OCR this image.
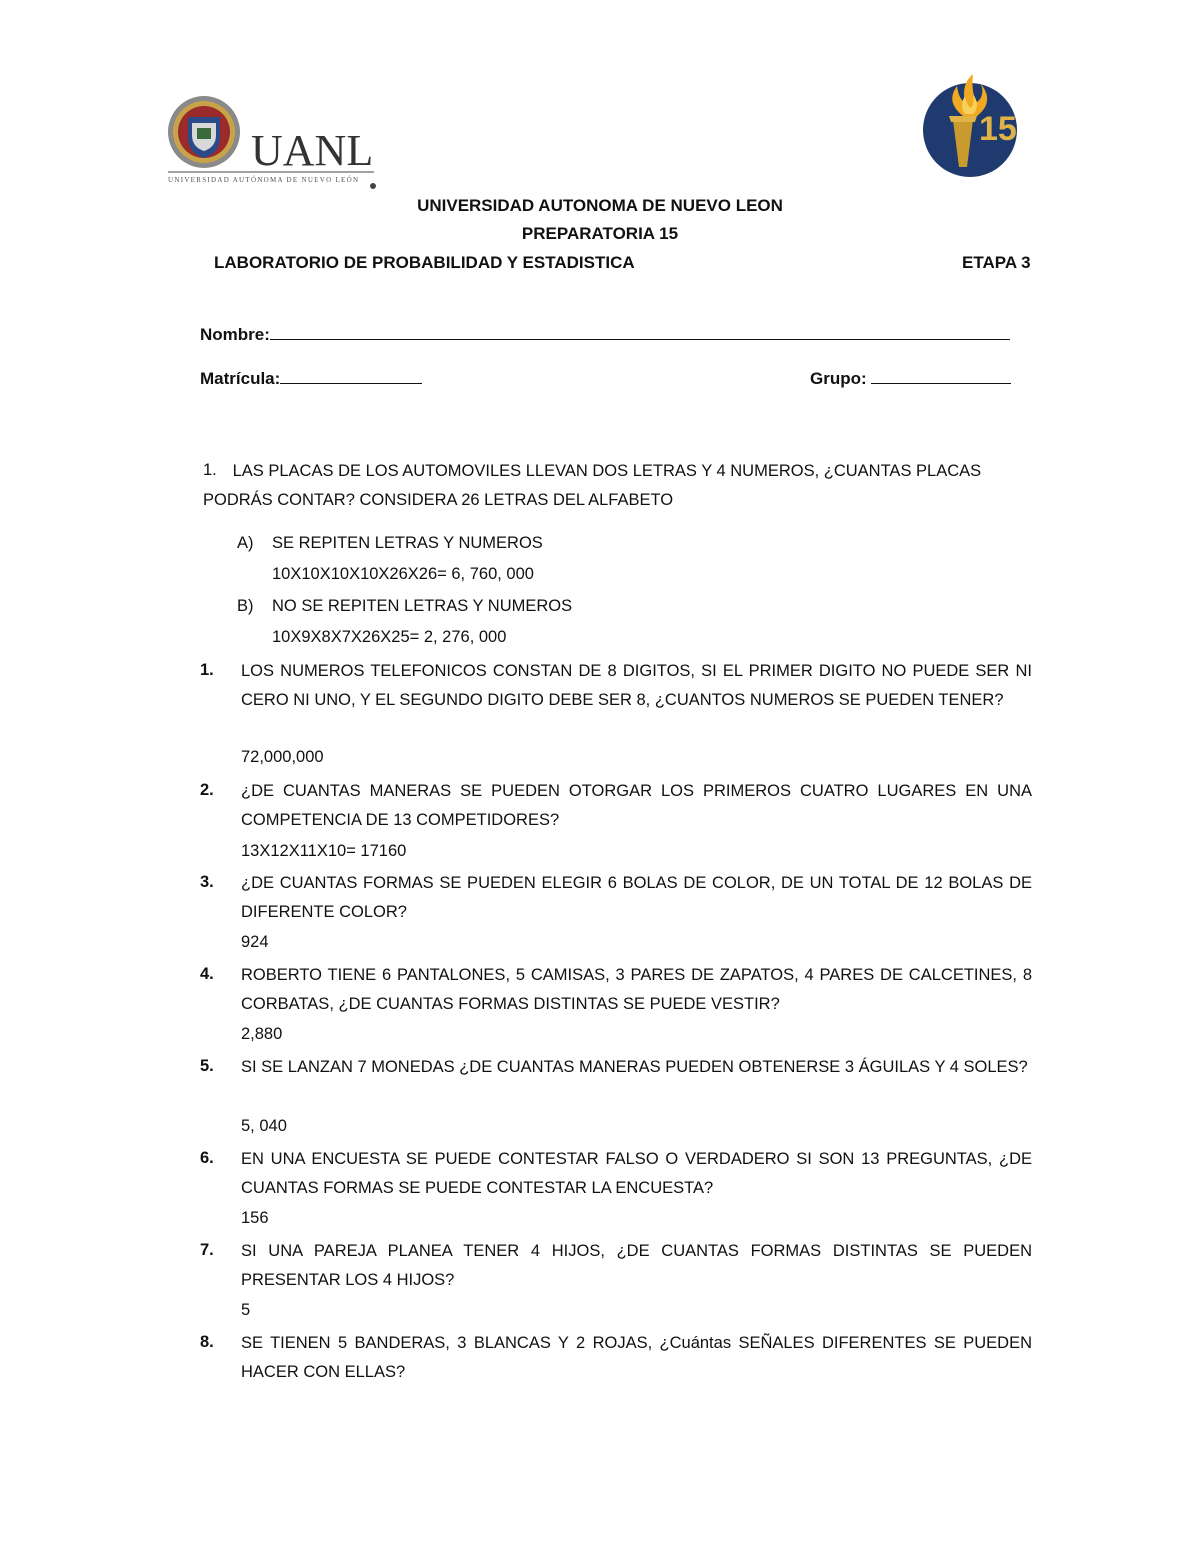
UANL
UNIVERSIDAD AUTÓNOMA DE NUEVO LEÓN
15
UNIVERSIDAD AUTONOMA DE NUEVO LEON
PREPARATORIA 15
LABORATORIO DE PROBABILIDAD Y ESTADISTICA	ETAPA 3
Nombre:
Matrícula:	Grupo:
1. LAS PLACAS DE LOS AUTOMOVILES LLEVAN DOS LETRAS Y 4 NUMEROS, ¿CUANTAS PLACAS PODRÁS CONTAR? CONSIDERA 26 LETRAS DEL ALFABETO
A) SE REPITEN LETRAS Y NUMEROS
10X10X10X10X26X26= 6, 760, 000
B) NO SE REPITEN LETRAS Y NUMEROS
10X9X8X7X26X25= 2, 276, 000
1. LOS NUMEROS TELEFONICOS CONSTAN DE 8 DIGITOS, SI EL PRIMER DIGITO NO PUEDE SER NI CERO NI UNO, Y EL SEGUNDO DIGITO DEBE SER 8, ¿CUANTOS NUMEROS SE PUEDEN TENER?
72,000,000
2. ¿DE CUANTAS MANERAS SE PUEDEN OTORGAR LOS PRIMEROS CUATRO LUGARES EN UNA COMPETENCIA DE 13 COMPETIDORES?
13X12X11X10= 17160
3. ¿DE CUANTAS FORMAS SE PUEDEN ELEGIR 6 BOLAS DE COLOR, DE UN TOTAL DE 12 BOLAS DE DIFERENTE COLOR?
924
4. ROBERTO TIENE 6 PANTALONES, 5 CAMISAS, 3 PARES DE ZAPATOS, 4 PARES DE CALCETINES, 8 CORBATAS, ¿DE CUANTAS FORMAS DISTINTAS SE PUEDE VESTIR?
2,880
5. SI SE LANZAN 7 MONEDAS ¿DE CUANTAS MANERAS PUEDEN OBTENERSE 3 ÁGUILAS Y 4 SOLES?
5, 040
6. EN UNA ENCUESTA SE PUEDE CONTESTAR FALSO O VERDADERO SI SON 13 PREGUNTAS, ¿DE CUANTAS FORMAS SE PUEDE CONTESTAR LA ENCUESTA?
156
7. SI UNA PAREJA PLANEA TENER 4 HIJOS, ¿DE CUANTAS FORMAS DISTINTAS SE PUEDEN PRESENTAR LOS 4 HIJOS?
5
8. SE TIENEN 5 BANDERAS, 3 BLANCAS Y 2 ROJAS, ¿Cuántas SEÑALES DIFERENTES SE PUEDEN HACER CON ELLAS?
